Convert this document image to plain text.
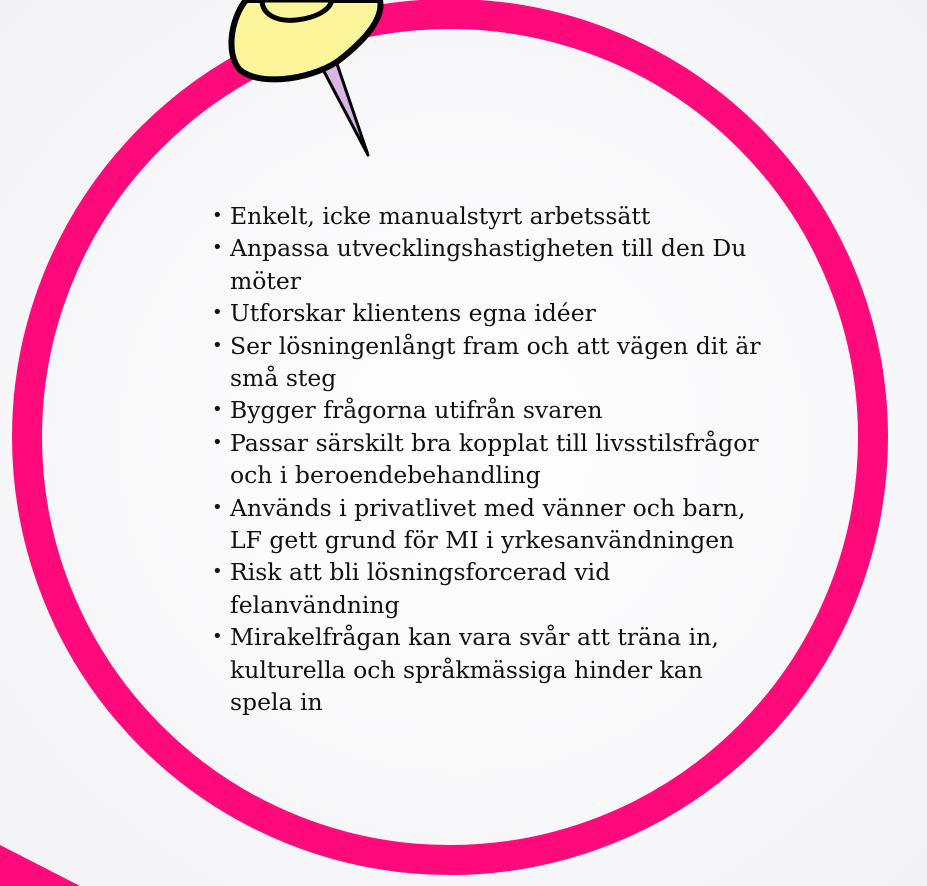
• Enkelt, icke manualstyrt arbetssätt
• Anpassa utvecklingshastigheten till den Du möter
• Utforskar klientens egna idéer
• Ser lösningenlångt fram och att vägen dit är små steg
• Bygger frågorna utifrån svaren
• Passar särskilt bra kopplat till livsstilsfrågor och i beroendebehandling
• Används i privatlivet med vänner och barn, LF gett grund för MI i yrkesanvändningen
• Risk att bli lösningsforcerad vid felanvändning
• Mirakelfrågan kan vara svår att träna in, kulturella och språkmässiga hinder kan spela in
